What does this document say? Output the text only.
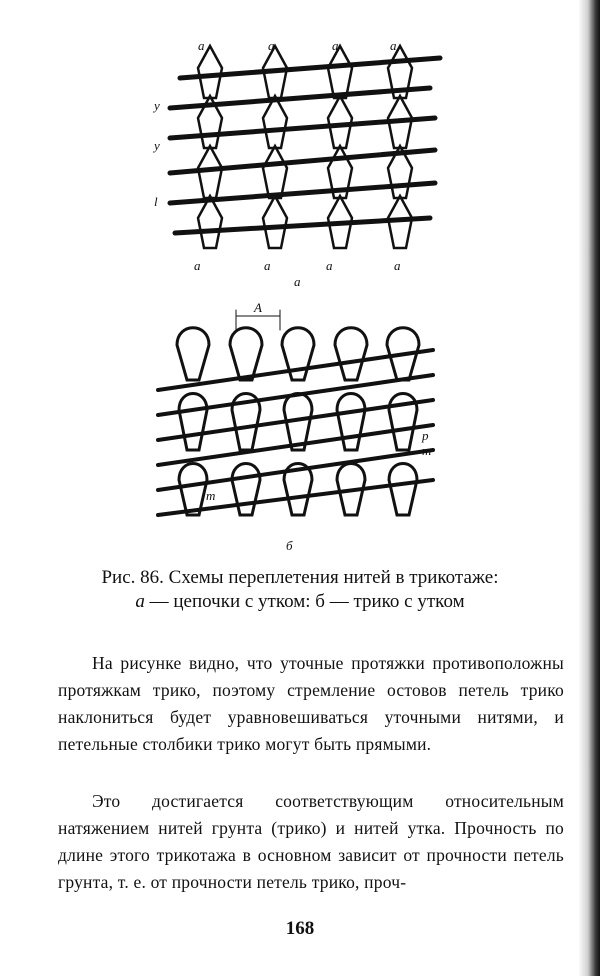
a	a	a	a
y
y
l
a	a	a	a
a
A
p
m
m
б
Рис. 86. Схемы переплетения нитей в трикотаже:
а — цепочки с утком: б — трико с утком

На рисунке видно, что уточные протяжки противоположны протяжкам трико, поэтому стремление остовов петель трико наклониться будет уравновешиваться уточными нитями, и петельные столбики трико могут быть прямыми.

Это достигается соответствующим относительным натяжением нитей грунта (трико) и нитей утка. Прочность по длине этого трикотажа в основном зависит от прочности петель грунта, т. е. от прочности петель трико, проч-

168
